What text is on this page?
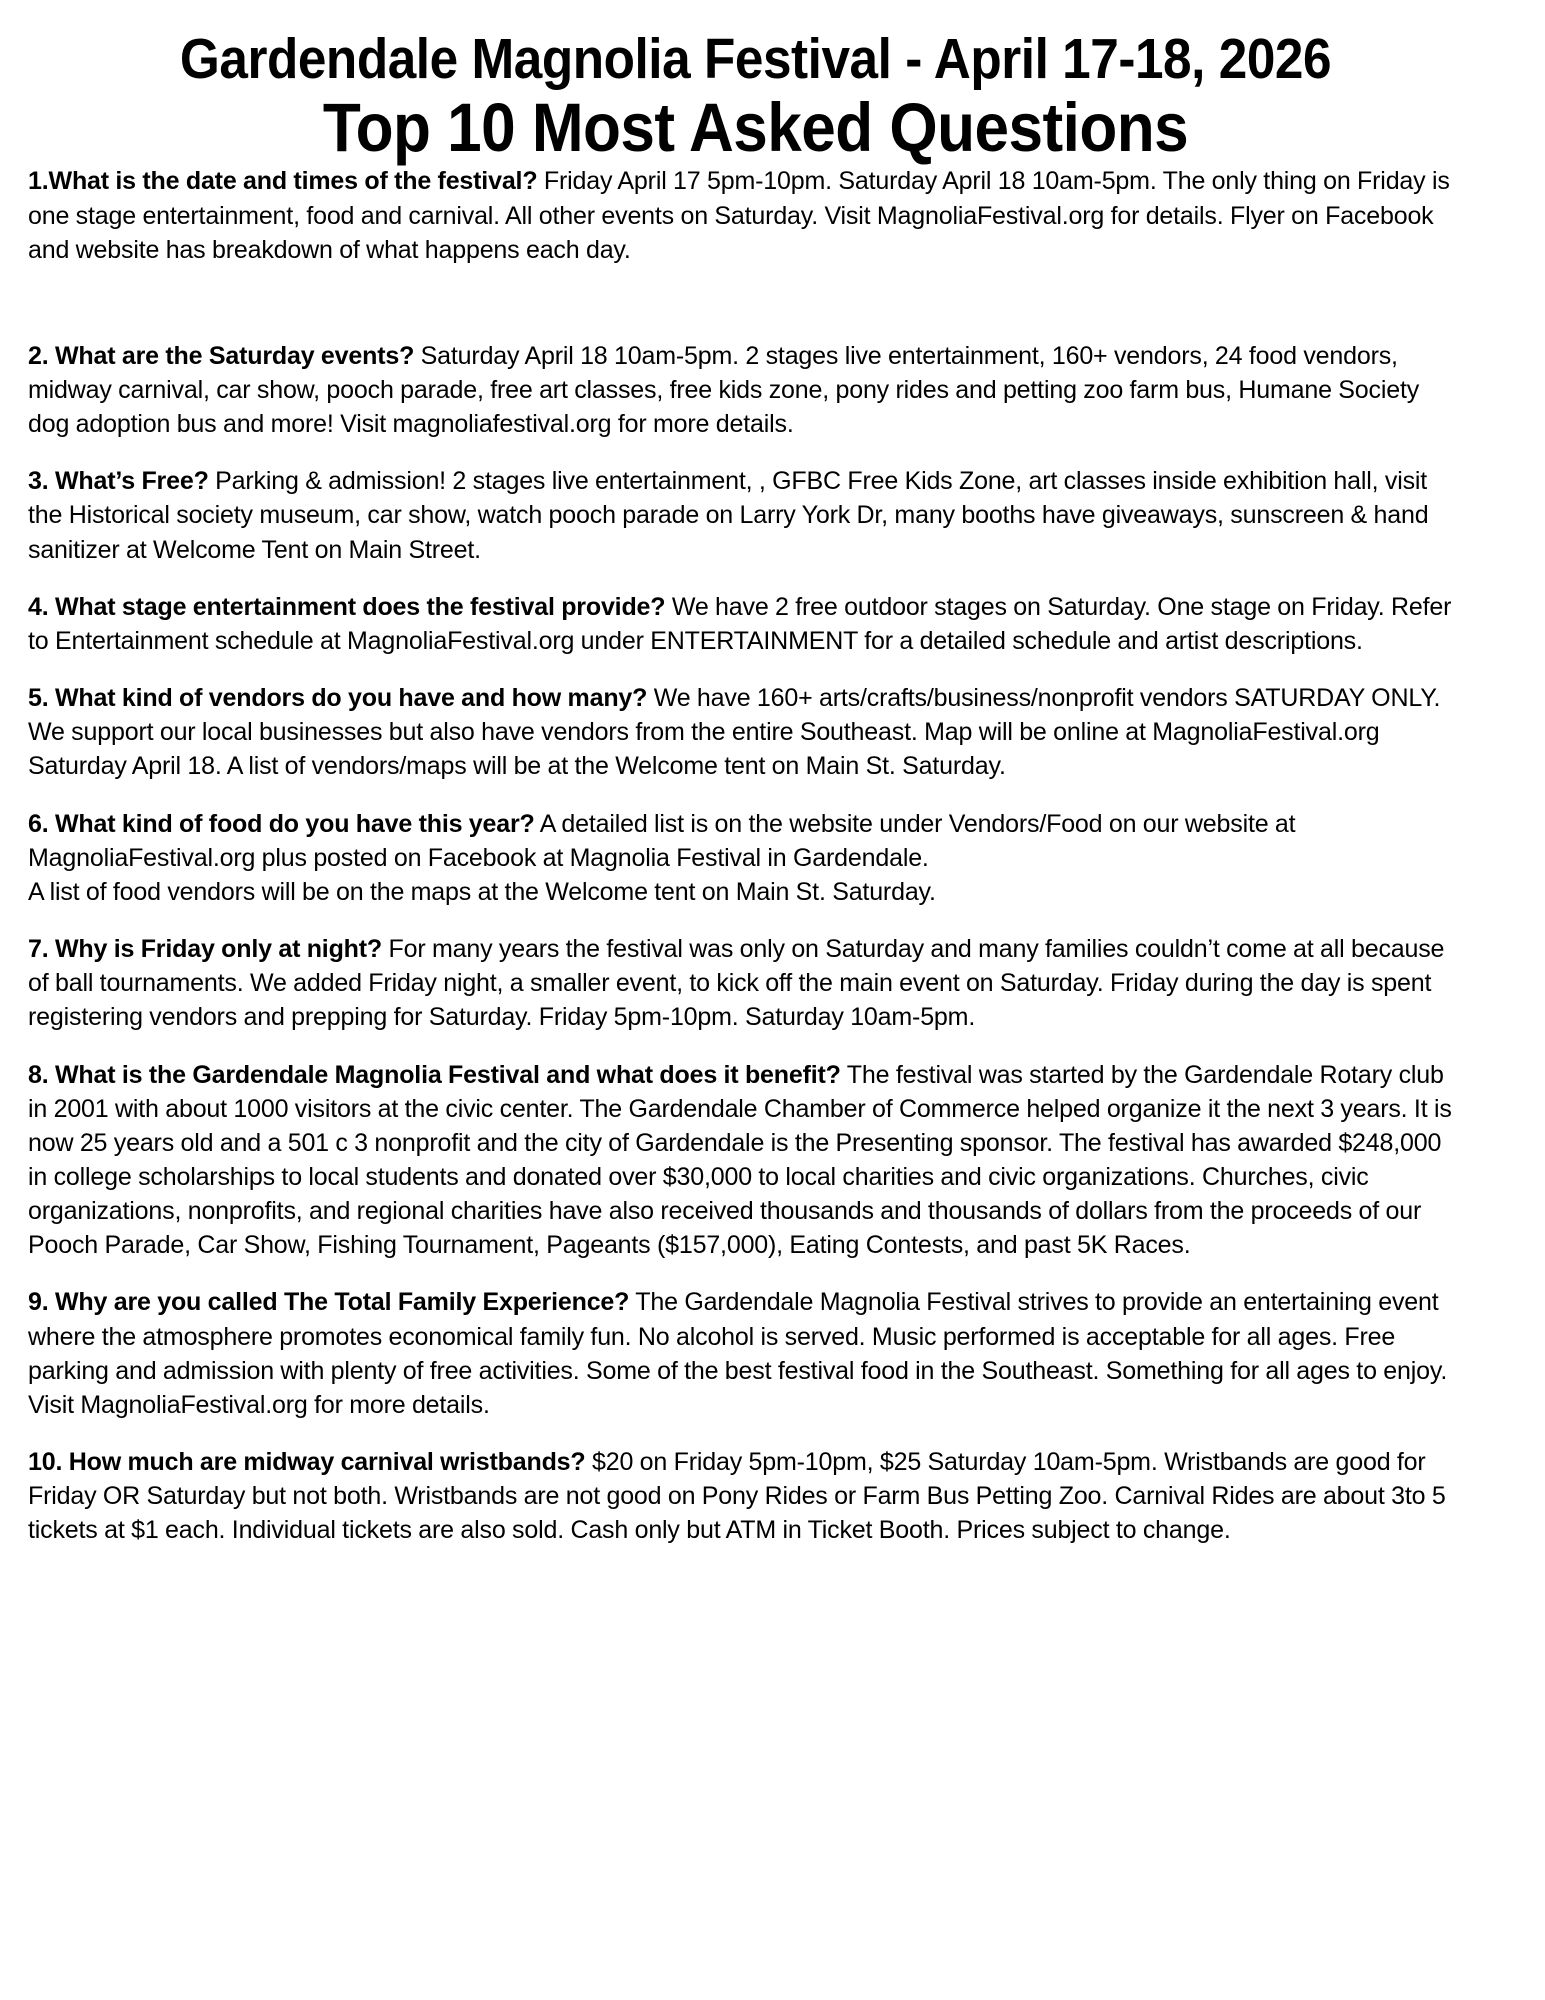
Gardendale Magnolia Festival - April 17-18, 2026
Top 10 Most Asked Questions
1.What is the date and times of the festival? Friday April 17 5pm-10pm. Saturday April 18 10am-5pm. The only thing on Friday is one stage entertainment, food and carnival. All other events on Saturday. Visit MagnoliaFestival.org for details. Flyer on Facebook and website has breakdown of what happens each day.
2. What are the Saturday events? Saturday April 18 10am-5pm. 2 stages live entertainment, 160+ vendors, 24 food vendors, midway carnival, car show, pooch parade, free art classes, free kids zone, pony rides and petting zoo farm bus, Humane Society dog adoption bus and more! Visit magnoliafestival.org for more details.
3. What’s Free? Parking & admission! 2 stages live entertainment, , GFBC Free Kids Zone, art classes inside exhibition hall, visit the Historical society museum, car show, watch pooch parade on Larry York Dr, many booths have giveaways, sunscreen & hand sanitizer at Welcome Tent on Main Street.
4. What stage entertainment does the festival provide? We have 2 free outdoor stages on Saturday. One stage on Friday. Refer to Entertainment schedule at MagnoliaFestival.org under ENTERTAINMENT for a detailed schedule and artist descriptions.
5. What kind of vendors do you have and how many? We have 160+ arts/crafts/business/nonprofit vendors SATURDAY ONLY. We support our local businesses but also have vendors from the entire Southeast. Map will be online at MagnoliaFestival.org Saturday April 18. A list of vendors/maps will be at the Welcome tent on Main St. Saturday.
6. What kind of food do you have this year? A detailed list is on the website under Vendors/Food on our website at MagnoliaFestival.org plus posted on Facebook at Magnolia Festival in Gardendale.
A list of food vendors will be on the maps at the Welcome tent on Main St. Saturday.
7. Why is Friday only at night? For many years the festival was only on Saturday and many families couldn’t come at all because of ball tournaments. We added Friday night, a smaller event, to kick off the main event on Saturday. Friday during the day is spent registering vendors and prepping for Saturday. Friday 5pm-10pm. Saturday 10am-5pm.
8. What is the Gardendale Magnolia Festival and what does it benefit? The festival was started by the Gardendale Rotary club in 2001 with about 1000 visitors at the civic center. The Gardendale Chamber of Commerce helped organize it the next 3 years. It is now 25 years old and a 501 c 3 nonprofit and the city of Gardendale is the Presenting sponsor. The festival has awarded $248,000 in college scholarships to local students and donated over $30,000 to local charities and civic organizations. Churches, civic organizations, nonprofits, and regional charities have also received thousands and thousands of dollars from the proceeds of our Pooch Parade, Car Show, Fishing Tournament, Pageants ($157,000), Eating Contests, and past 5K Races.
9. Why are you called The Total Family Experience? The Gardendale Magnolia Festival strives to provide an entertaining event where the atmosphere promotes economical family fun. No alcohol is served. Music performed is acceptable for all ages. Free parking and admission with plenty of free activities. Some of the best festival food in the Southeast. Something for all ages to enjoy. Visit MagnoliaFestival.org for more details.
10. How much are midway carnival wristbands? $20 on Friday 5pm-10pm, $25 Saturday 10am-5pm. Wristbands are good for Friday OR Saturday but not both. Wristbands are not good on Pony Rides or Farm Bus Petting Zoo. Carnival Rides are about 3to 5 tickets at $1 each. Individual tickets are also sold. Cash only but ATM in Ticket Booth. Prices subject to change.
